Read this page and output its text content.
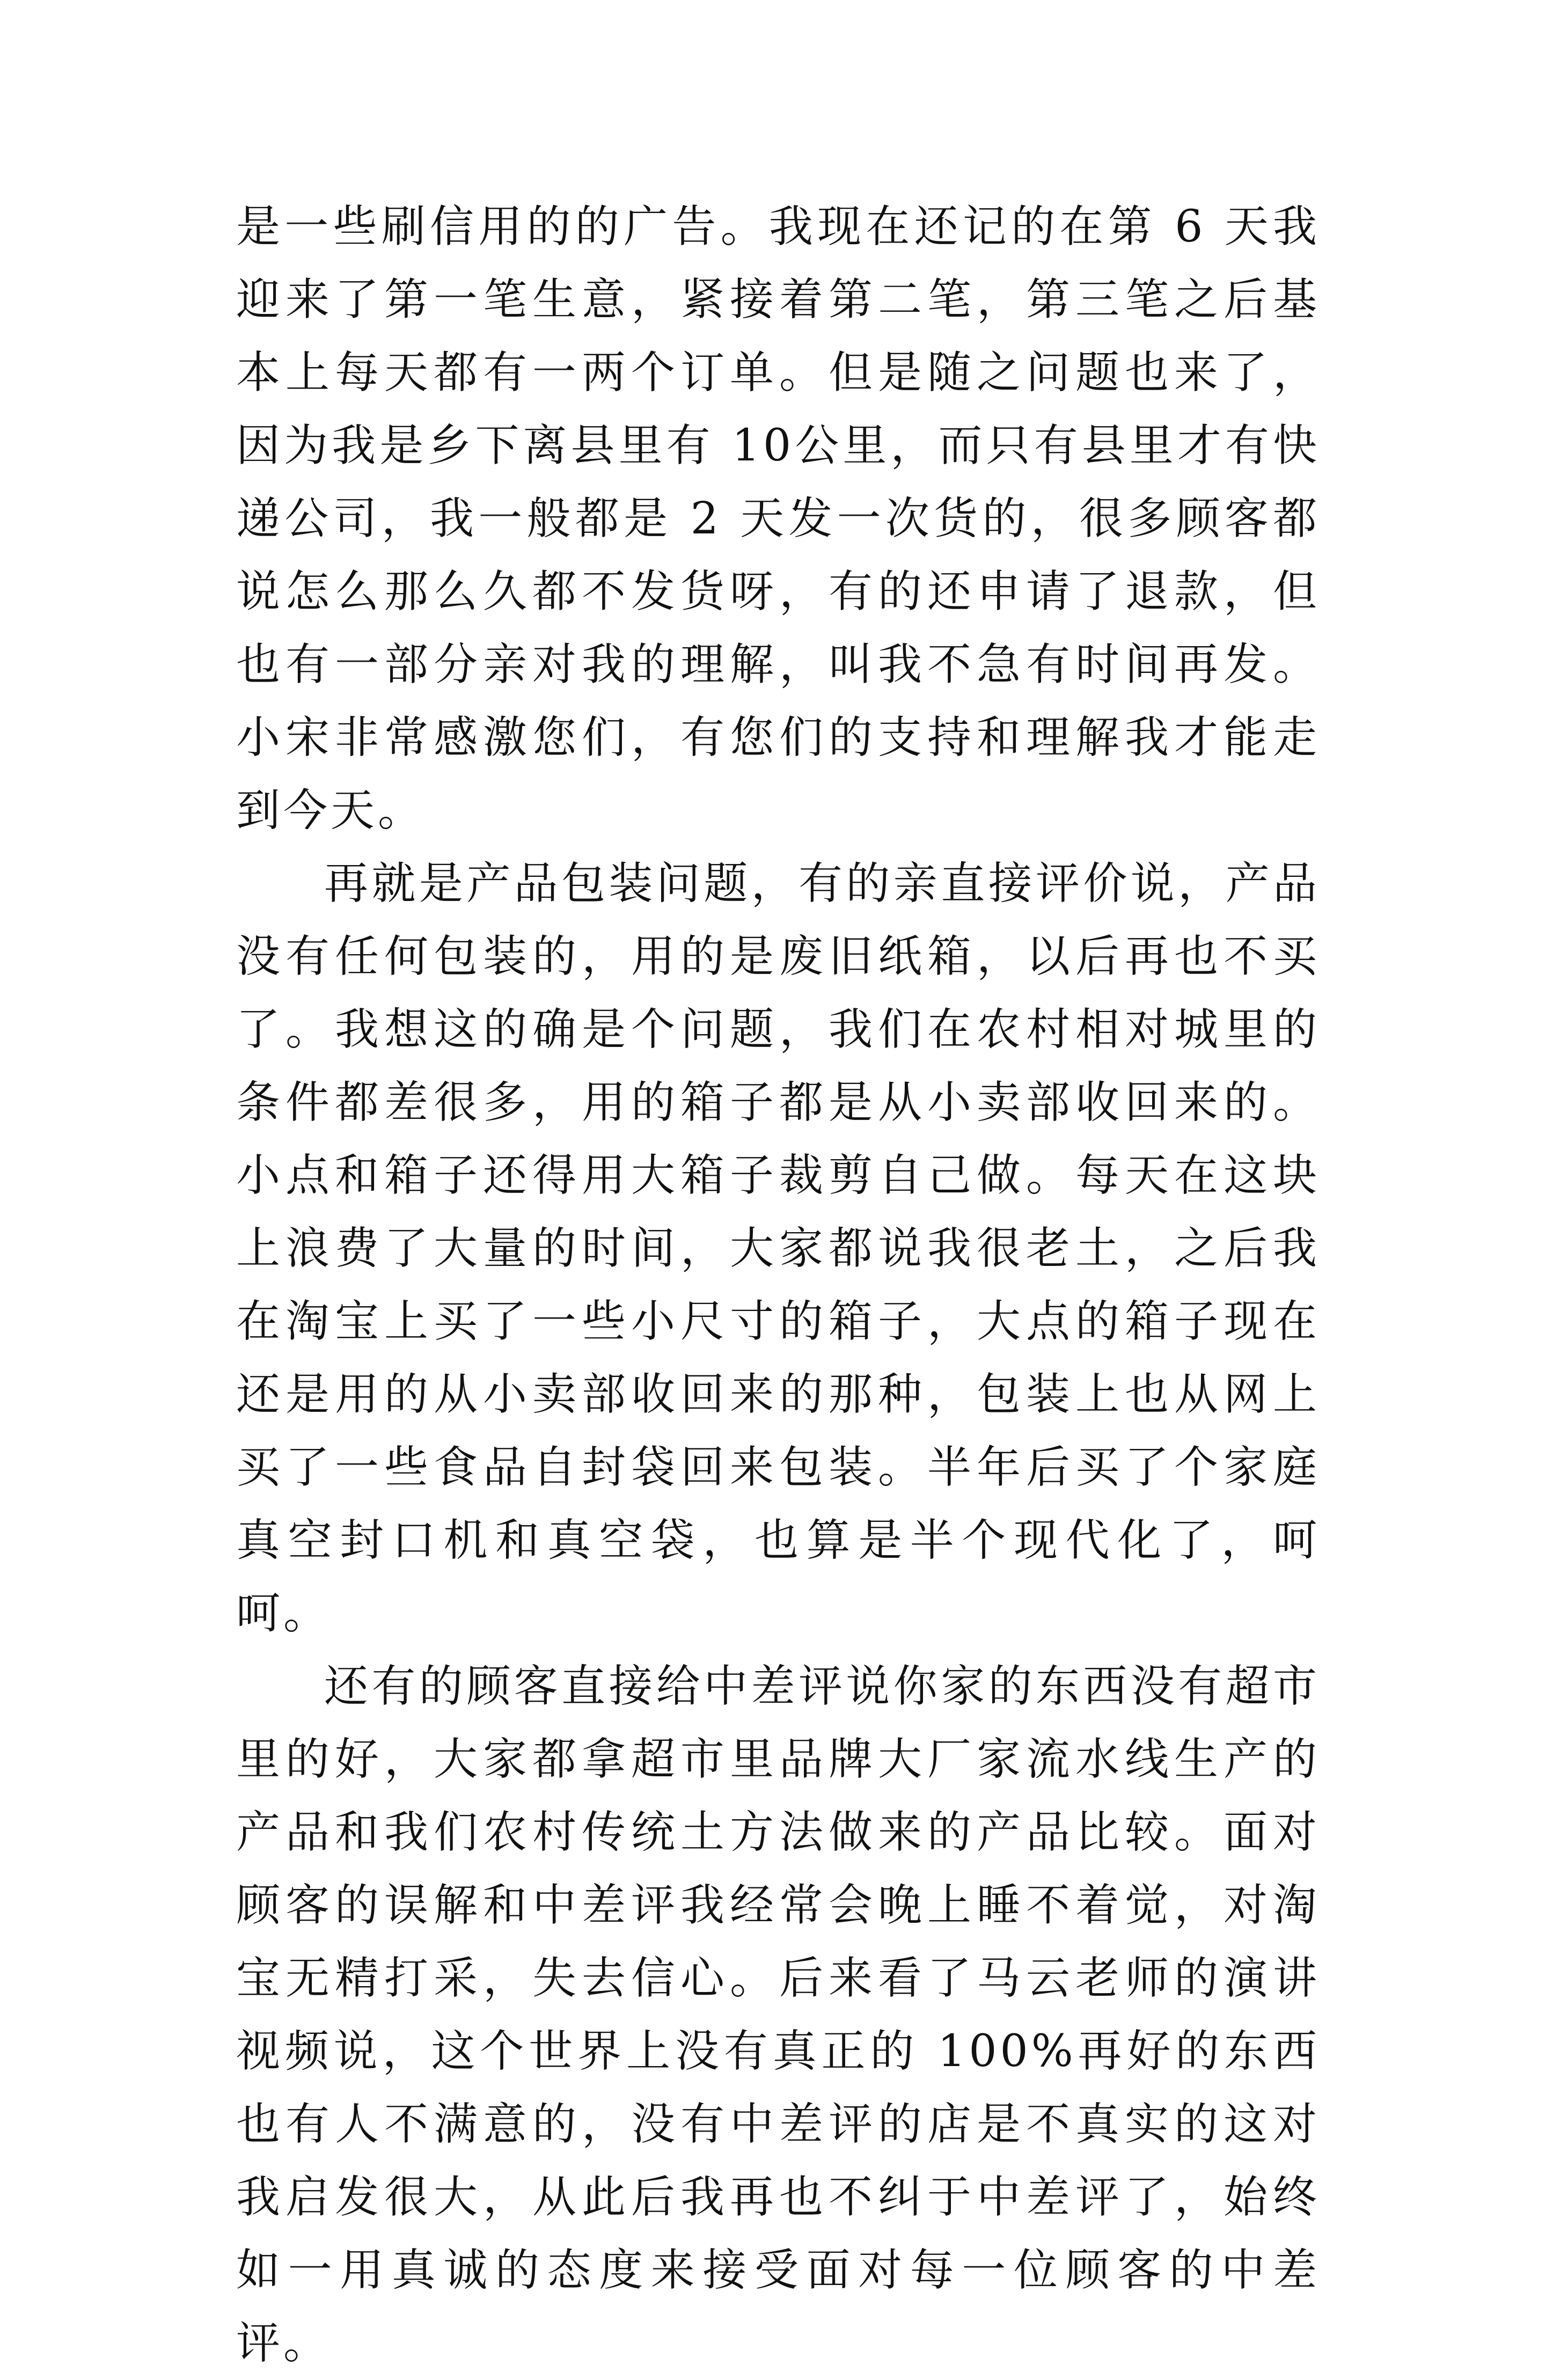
是一些刷信用的的广告。我现在还记的在第 6 天我迎来了第一笔生意，紧接着第二笔，第三笔之后基本上每天都有一两个订单。但是随之问题也来了，因为我是乡下离县里有 10公里，而只有县里才有快递公司，我一般都是 2 天发一次货的，很多顾客都说怎么那么久都不发货呀，有的还申请了退款，但也有一部分亲对我的理解，叫我不急有时间再发。小宋非常感激您们，有您们的支持和理解我才能走到今天。

再就是产品包装问题，有的亲直接评价说，产品没有任何包装的，用的是废旧纸箱，以后再也不买了。我想这的确是个问题，我们在农村相对城里的条件都差很多，用的箱子都是从小卖部收回来的。小点和箱子还得用大箱子裁剪自己做。每天在这块上浪费了大量的时间，大家都说我很老土，之后我在淘宝上买了一些小尺寸的箱子，大点的箱子现在还是用的从小卖部收回来的那种，包装上也从网上买了一些食品自封袋回来包装。半年后买了个家庭真空封口机和真空袋，也算是半个现代化了，呵呵。

还有的顾客直接给中差评说你家的东西没有超市里的好，大家都拿超市里品牌大厂家流水线生产的产品和我们农村传统土方法做来的产品比较。面对顾客的误解和中差评我经常会晚上睡不着觉，对淘宝无精打采，失去信心。后来看了马云老师的演讲视频说，这个世界上没有真正的 100%再好的东西也有人不满意的，没有中差评的店是不真实的这对我启发很大，从此后我再也不纠于中差评了，始终如一用真诚的态度来接受面对每一位顾客的中差评。
